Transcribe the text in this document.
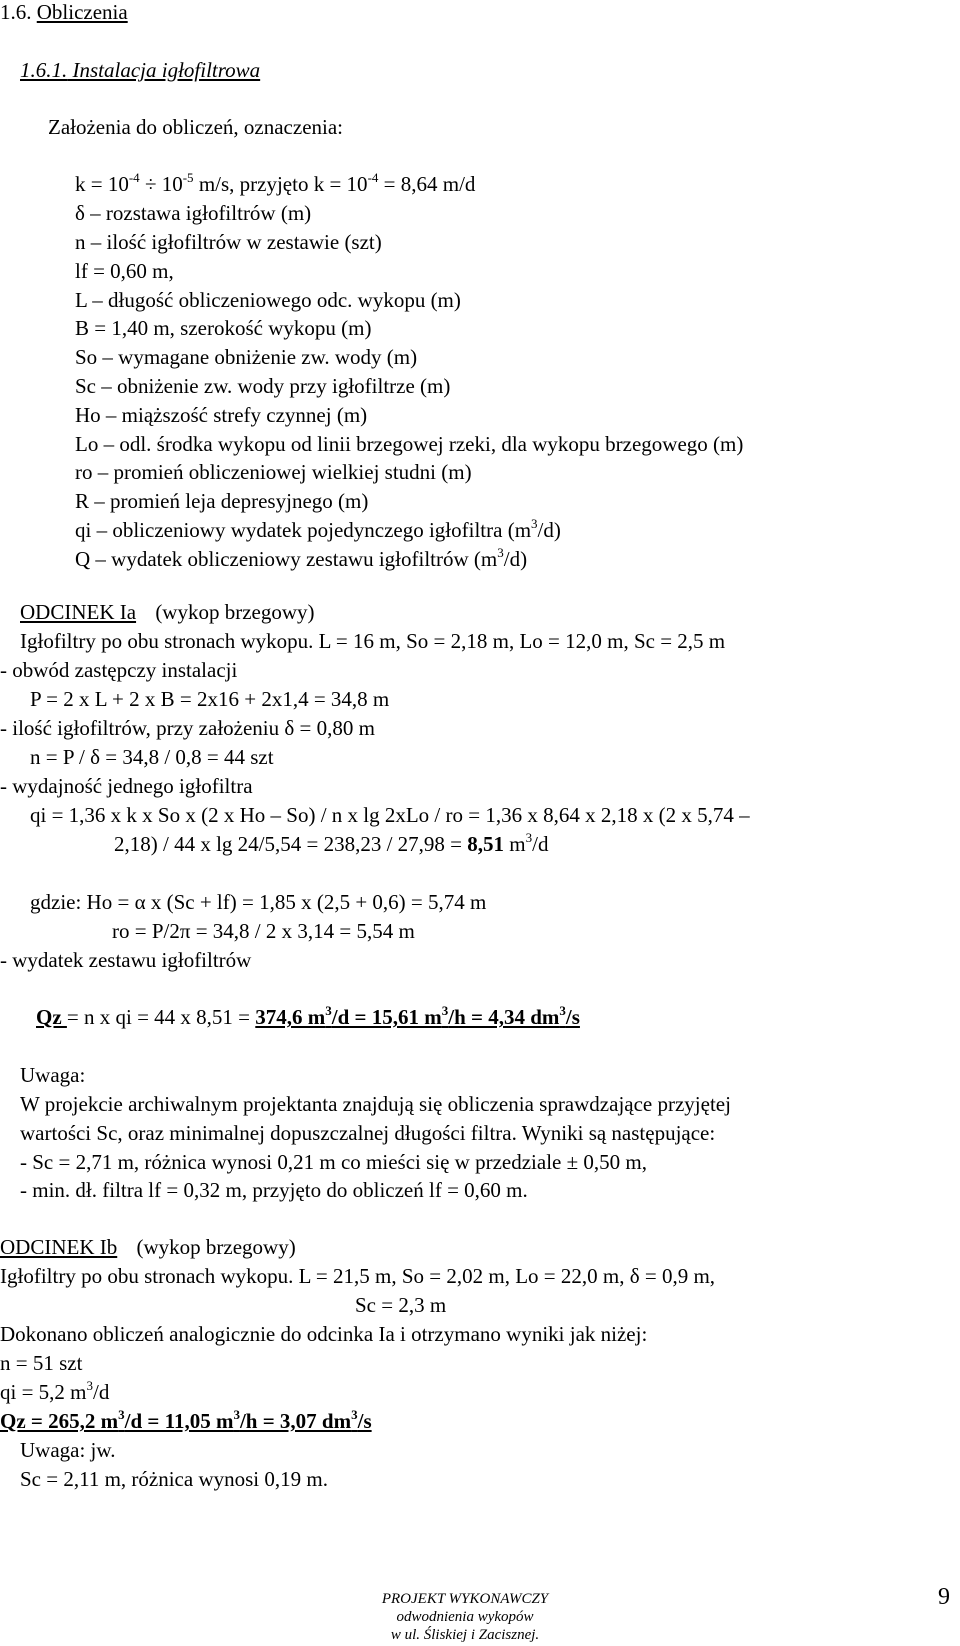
1.6. Obliczenia
1.6.1. Instalacja igłofiltrowa
Założenia do obliczeń, oznaczenia:
$k = 10^{-4} \div 10^{-5}$ m/s, przyjęto $k = 10^{-4} = 8,64$ m/d
δ – rozstawa igłofiltrów (m)
n – ilość igłofiltrów w zestawie (szt)
lf = 0,60 m,
L – długość obliczeniowego odc. wykopu (m)
B = 1,40 m, szerokość wykopu (m)
So – wymagane obniżenie zw. wody (m)
Sc – obniżenie zw. wody przy igłofiltrze (m)
Ho – miąższość strefy czynnej (m)
Lo – odl. środka wykopu od linii brzegowej rzeki, dla wykopu brzegowego (m)
ro – promień obliczeniowej wielkiej studni (m)
R – promień leja depresyjnego (m)
qi – obliczeniowy wydatek pojedynczego igłofiltra $(m^3/d)$
Q – wydatek obliczeniowy zestawu igłofiltrów $(m^3/d)$
ODCINEK Ia (wykop brzegowy)
Igłofiltry po obu stronach wykopu. L = 16 m, So = 2,18 m, Lo = 12,0 m, Sc = 2,5 m
- obwód zastępczy instalacji
P = 2 x L + 2 x B = 2x16 + 2x1,4 = 34,8 m
- ilość igłofiltrów, przy założeniu δ = 0,80 m
n = P / δ = 34,8 / 0,8 = 44 szt
- wydajność jednego igłofiltra
qi = 1,36 x k x So x (2 x Ho – So) / n x lg 2xLo / ro = 1,36 x 8,64 x 2,18 x (2 x 5,74 –
2,18) / 44 x lg 24/5,54 = 238,23 / 27,98 = 8,51 $m^3/d$
gdzie: Ho = α x (Sc + lf) = 1,85 x (2,5 + 0,6) = 5,74 m
ro = P/2π = 34,8 / 2 x 3,14 = 5,54 m
- wydatek zestawu igłofiltrów
Qz = n x qi = 44 x 8,51 = 374,6 $m^3/d = 15,61$ $m^3/h = 4,34$ $dm^3/s$
Uwaga:
W projekcie archiwalnym projektanta znajdują się obliczenia sprawdzające przyjętej
wartości Sc, oraz minimalnej dopuszczalnej długości filtra. Wyniki są następujące:
- Sc = 2,71 m, różnica wynosi 0,21 m co mieści się w przedziale ± 0,50 m,
- min. dł. filtra lf = 0,32 m, przyjęto do obliczeń lf = 0,60 m.
ODCINEK Ib (wykop brzegowy)
Igłofiltry po obu stronach wykopu. L = 21,5 m, So = 2,02 m, Lo = 22,0 m, δ = 0,9 m,
Sc = 2,3 m
Dokonano obliczeń analogicznie do odcinka Ia i otrzymano wyniki jak niżej:
n = 51 szt
qi = 5,2 $m^3/d$
Qz = 265,2 $m^3/d = 11,05$ $m^3/h = 3,07$ $dm^3/s$
Uwaga: jw.
Sc = 2,11 m, różnica wynosi 0,19 m.
PROJEKT WYKONAWCZY
odwodnienia wykopów
w ul. Śliskiej i Zacisznej.
9
